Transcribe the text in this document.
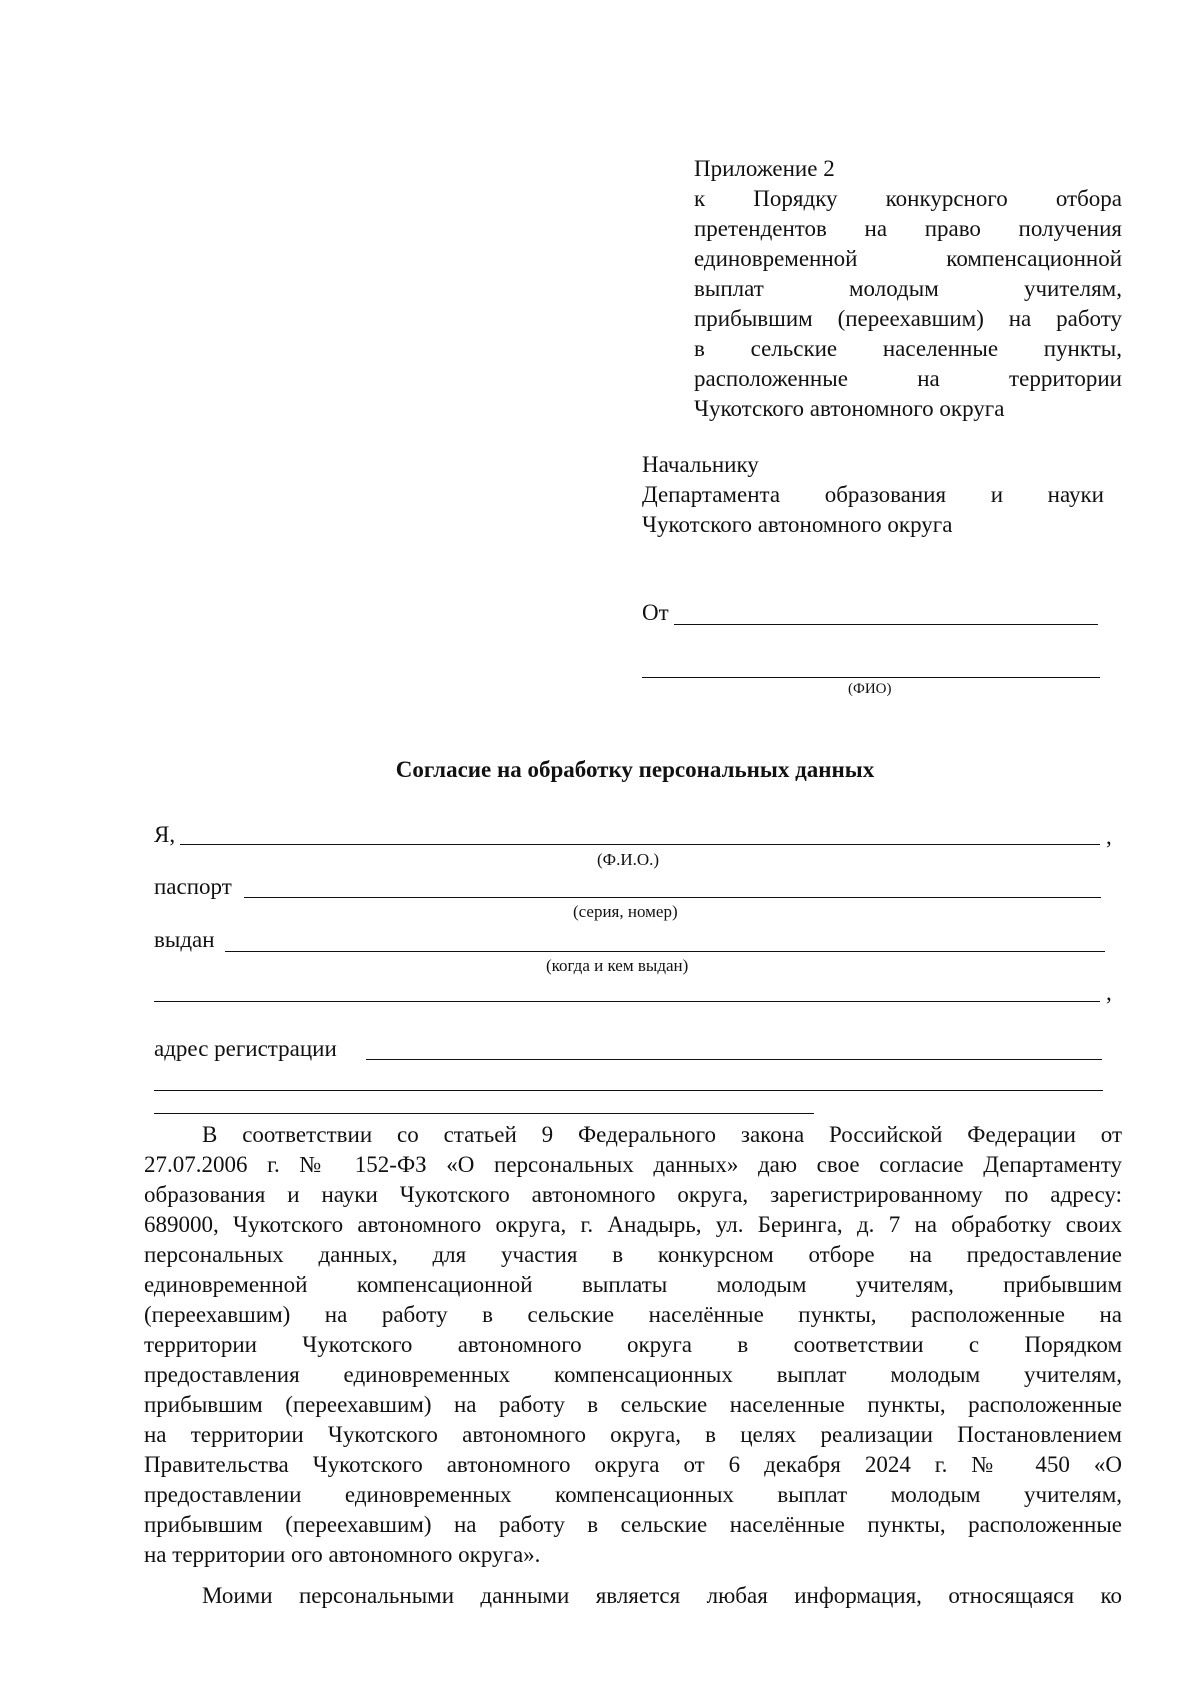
Приложение 2
к Порядку конкурсного отбора
претендентов на право получения
единовременной компенсационной
выплат молодым учителям,
прибывшим (переехавшим) на работу
в сельские населенные пункты,
расположенные на территории
Чукотского автономного округа
Начальнику
Департамента образования и науки
Чукотского автономного округа
От
(ФИО)
Согласие на обработку персональных данных
Я,	,
(Ф.И.О.)
паспорт
(серия, номер)
выдан
(когда и кем выдан)
,
адрес регистрации
В соответствии со статьей 9 Федерального закона Российской Федерации от
27.07.2006 г. № 152-ФЗ «О персональных данных» даю свое согласие Департаменту
образования и науки Чукотского автономного округа, зарегистрированному по адресу:
689000, Чукотского автономного округа, г. Анадырь, ул. Беринга, д. 7 на обработку своих
персональных данных, для участия в конкурсном отборе на предоставление
единовременной компенсационной выплаты молодым учителям, прибывшим
(переехавшим) на работу в сельские населённые пункты, расположенные на
территории Чукотского автономного округа в соответствии с Порядком
предоставления единовременных компенсационных выплат молодым учителям,
прибывшим (переехавшим) на работу в сельские населенные пункты, расположенные
на территории Чукотского автономного округа, в целях реализации Постановлением
Правительства Чукотского автономного округа от 6 декабря 2024 г. № 450 «О
предоставлении единовременных компенсационных выплат молодым учителям,
прибывшим (переехавшим) на работу в сельские населённые пункты, расположенные
на территории ого автономного округа».
Моими персональными данными является любая информация, относящаяся ко
